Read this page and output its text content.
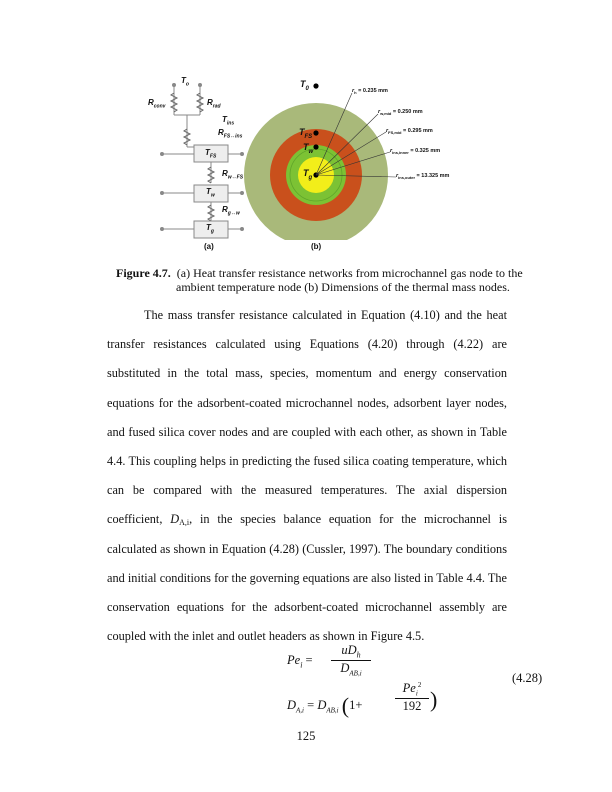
$T_o$
$R_{conv}$	$R_{rad}$
$T_{ins}$
$R_{FS\leftrightarrow ins}$
$T_{FS}$
$R_{w\leftrightarrow FS}$
$T_w$
$R_{g\leftrightarrow w}$
$T_g$
(a)
$T_0$
$T_{FS}$
$T_w$
$T_g$
$r_h = 0.235$ mm
$r_{w,mid} = 0.250$ mm
$r_{FS,mid} = 0.295$ mm
$r_{ins,inner} = 0.325$ mm
$r_{ins,outer} = 13.325$ mm
(b)
Figure 4.7. (a) Heat transfer resistance networks from microchannel gas node to the
ambient temperature node (b) Dimensions of the thermal mass nodes.
The mass transfer resistance calculated in Equation (4.10) and the heat transfer resistances calculated using Equations (4.20) through (4.22) are substituted in the total mass, species, momentum and energy conservation equations for the adsorbent-coated microchannel nodes, adsorbent layer nodes, and fused silica cover nodes and are coupled with each other, as shown in Table 4.4. This coupling helps in predicting the fused silica coating temperature, which can be compared with the measured temperatures. The axial dispersion coefficient, $D_{A,i}$, in the species balance equation for the microchannel is calculated as shown in Equation (4.28) (Cussler, 1997). The boundary conditions and initial conditions for the governing equations are also listed in Table 4.4. The conservation equations for the adsorbent-coated microchannel assembly are coupled with the inlet and outlet headers as shown in Figure 4.5.
$Pe_i$ =
$uD_h$
$D_{AB,i}$
$D_{A,i} = D_{AB,i}$ (1+
$Pe_i^2$
192 )
(4.28)
125
